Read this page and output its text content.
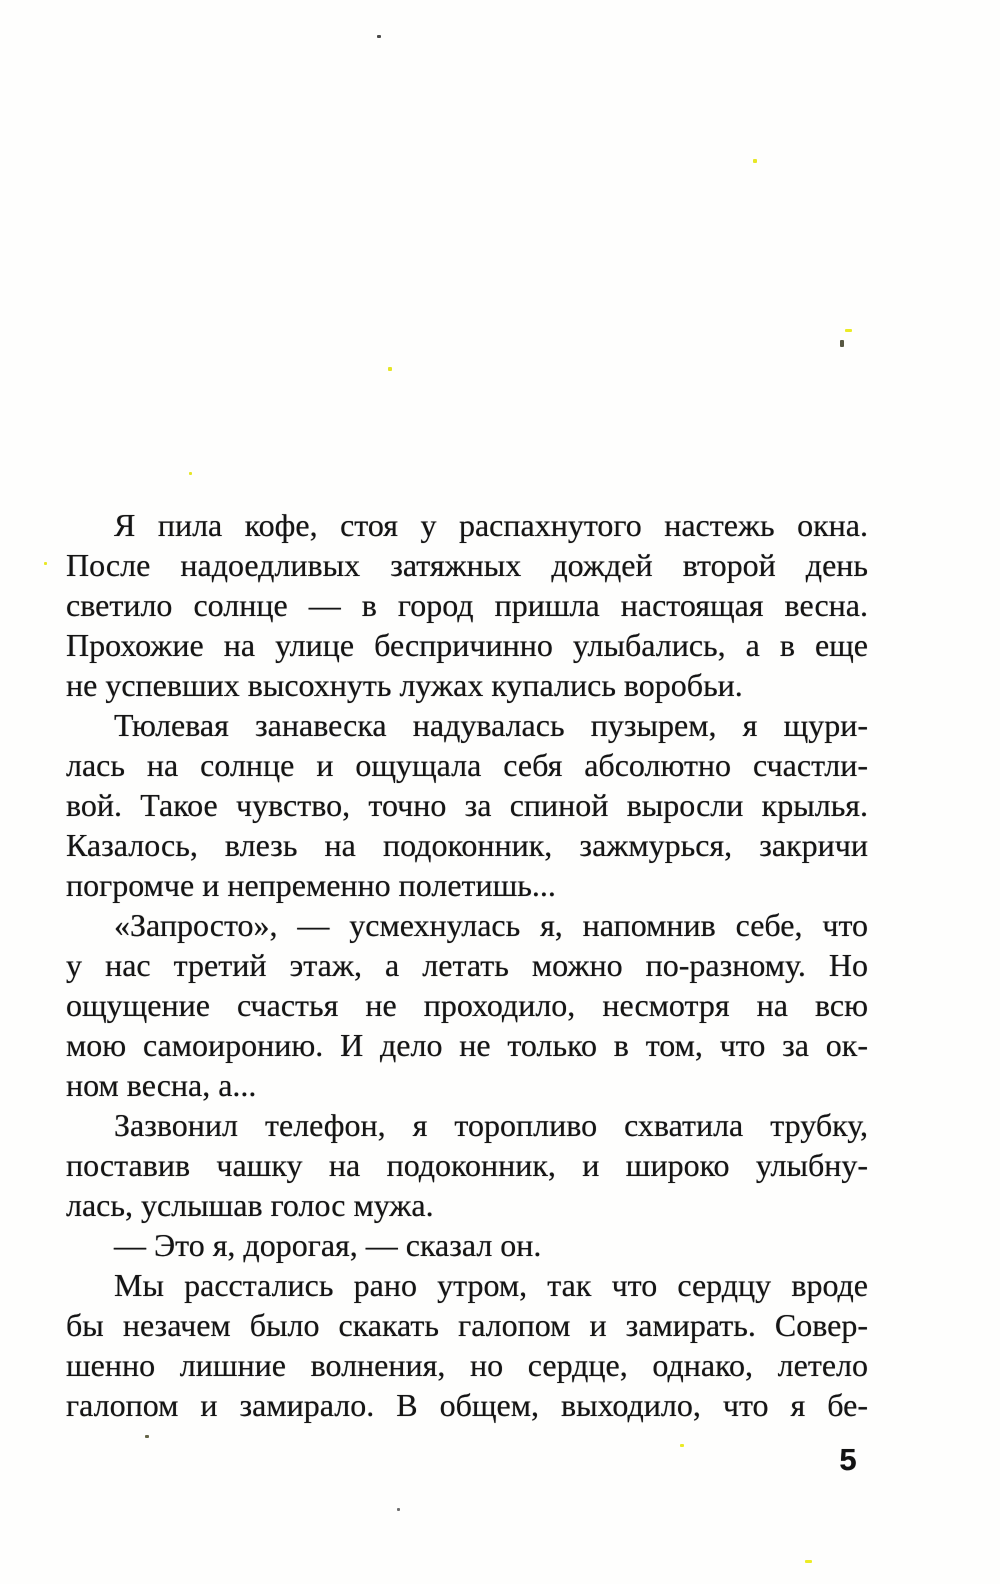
Я пила кофе, стоя у распахнутого настежь окна.
После надоедливых затяжных дождей второй день
светило солнце — в город пришла настоящая весна.
Прохожие на улице беспричинно улыбались, а в еще
не успевших высохнуть лужах купались воробьи.
Тюлевая занавеска надувалась пузырем, я щури-
лась на солнце и ощущала себя абсолютно счастли-
вой. Такое чувство, точно за спиной выросли крылья.
Казалось, влезь на подоконник, зажмурься, закричи
погромче и непременно полетишь...
«Запросто», — усмехнулась я, напомнив себе, что
у нас третий этаж, а летать можно по-разному. Но
ощущение счастья не проходило, несмотря на всю
мою самоиронию. И дело не только в том, что за ок-
ном весна, а...
Зазвонил телефон, я торопливо схватила трубку,
поставив чашку на подоконник, и широко улыбну-
лась, услышав голос мужа.
— Это я, дорогая, — сказал он.
Мы расстались рано утром, так что сердцу вроде
бы незачем было скакать галопом и замирать. Совер-
шенно лишние волнения, но сердце, однако, летело
галопом и замирало. В общем, выходило, что я бе-
5
